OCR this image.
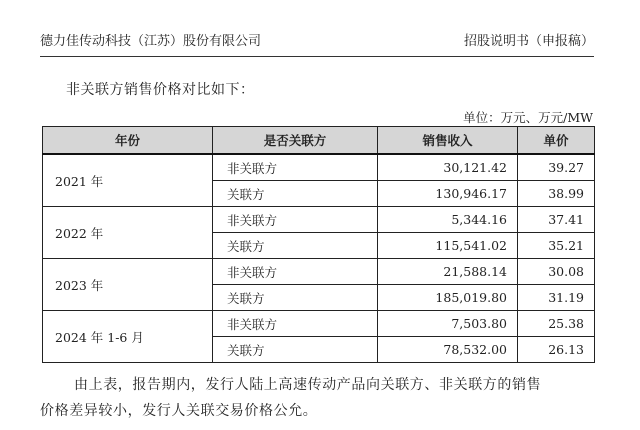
德力佳传动科技（江苏）股份有限公司	招股说明书（申报稿）
非关联方销售价格对比如下：
单位：万元、万元/MW
年份	是否关联方	销售收入	单价
2021 年	非关联方	30,121.42	39.27
	关联方	130,946.17	38.99
2022 年	非关联方	5,344.16	37.41
	关联方	115,541.02	35.21
2023 年	非关联方	21,588.14	30.08
	关联方	185,019.80	31.19
2024 年 1-6 月	非关联方	7,503.80	25.38
	关联方	78,532.00	26.13

由上表，报告期内，发行人陆上高速传动产品向关联方、非关联方的销售

价格差异较小，发行人关联交易价格公允。
